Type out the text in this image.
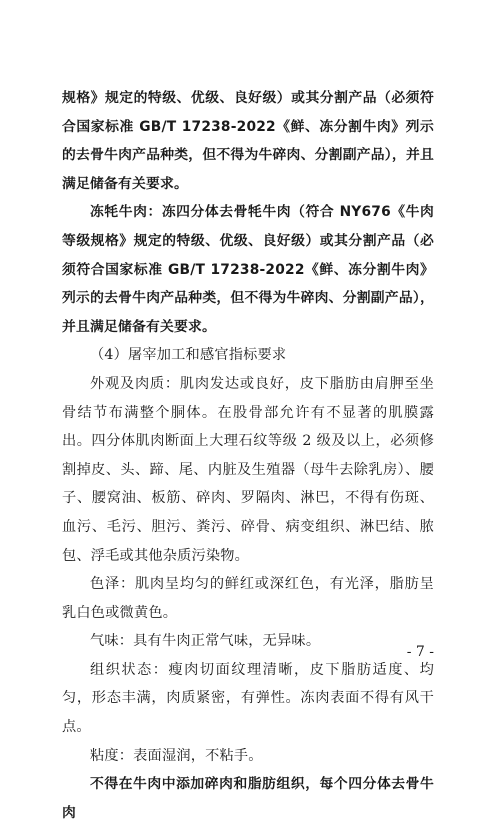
规格》规定的特级、优级、良好级）或其分割产品（必须符合国家标准 GB/T 17238-2022《鲜、冻分割牛肉》列示的去骨牛肉产品种类，但不得为牛碎肉、分割副产品），并且满足储备有关要求。

冻牦牛肉：冻四分体去骨牦牛肉（符合 NY676《牛肉等级规格》规定的特级、优级、良好级）或其分割产品（必须符合国家标准 GB/T 17238-2022《鲜、冻分割牛肉》列示的去骨牛肉产品种类，但不得为牛碎肉、分割副产品），并且满足储备有关要求。

（4）屠宰加工和感官指标要求

外观及肉质：肌肉发达或良好，皮下脂肪由肩胛至坐骨结节布满整个胴体。在股骨部允许有不显著的肌膜露出。四分体肌肉断面上大理石纹等级 2 级及以上，必须修割掉皮、头、蹄、尾、内脏及生殖器（母牛去除乳房）、腰子、腰窝油、板筋、碎肉、罗隔肉、淋巴，不得有伤斑、血污、毛污、胆污、粪污、碎骨、病变组织、淋巴结、脓包、浮毛或其他杂质污染物。

色泽：肌肉呈均匀的鲜红或深红色，有光泽，脂肪呈乳白色或微黄色。

气味：具有牛肉正常气味，无异味。

组织状态：瘦肉切面纹理清晰，皮下脂肪适度、均匀，形态丰满，肉质紧密，有弹性。冻肉表面不得有风干点。

粘度：表面湿润，不粘手。

不得在牛肉中添加碎肉和脂肪组织，每个四分体去骨牛肉

- 7 -
